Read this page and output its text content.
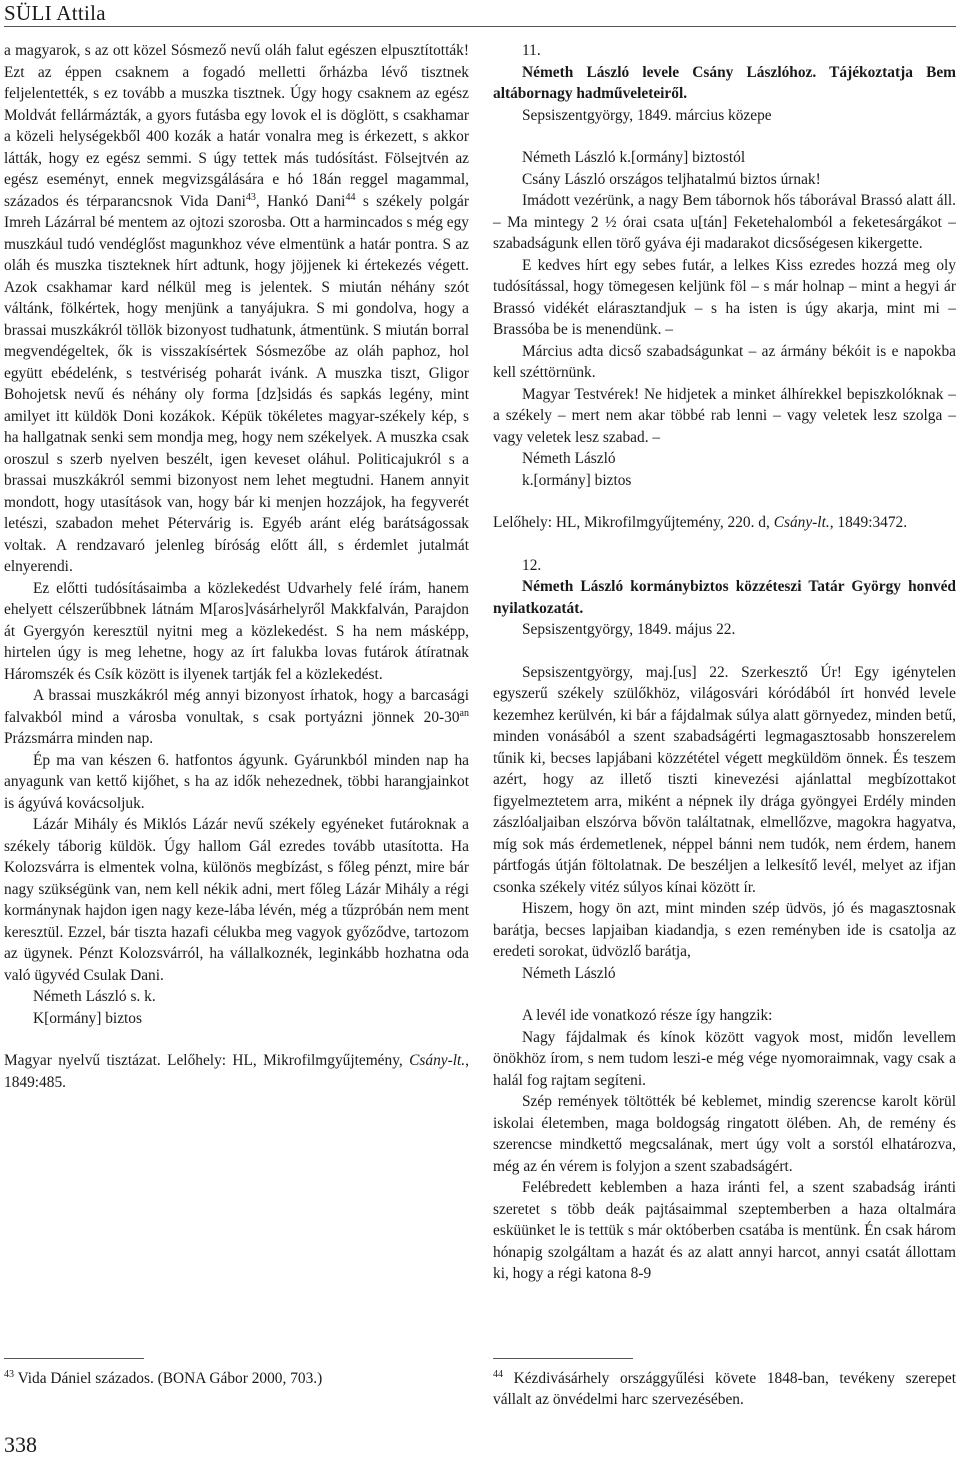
SÜLI Attila

a magyarok, s az ott közel Sósmező nevű oláh falut egészen elpusztították! Ezt az éppen csaknem a fogadó melletti őrházba lévő tisztnek feljelentették, s ez tovább a muszka tisztnek. Úgy hogy csaknem az egész Moldvát fellármázták, a gyors futásba egy lovok el is döglött, s csakhamar a közeli helységekből 400 kozák a határ vonalra meg is érkezett, s akkor látták, hogy ez egész semmi. S úgy tettek más tudósítást. Fölsejtvén az egész eseményt, ennek megvizsgálására e hó 18án reggel magammal, százados és térparancsnok Vida Dani$^{43}$, Hankó Dani$^{44}$ s székely polgár Imreh Lázárral bé mentem az ojtozi szorosba. Ott a harmincados s még egy muszkául tudó vendéglőst magunkhoz véve elmentünk a határ pontra. S az oláh és muszka tiszteknek hírt adtunk, hogy jöjjenek ki értekezés végett. Azok csakhamar kard nélkül meg is jelentek. S miután néhány szót váltánk, fölkértek, hogy menjünk a tanyájukra. S mi gondolva, hogy a brassai muszkákról töllök bizonyost tudhatunk, átmentünk. S miután borral megvendégeltek, ők is visszakísértek Sósmezőbe az oláh paphoz, hol együtt ebédelénk, s testvériség poharát ivánk. A muszka tiszt, Gligor Bohojetsk nevű és néhány oly forma [dz]sidás és sapkás legény, mint amilyet itt küldök Doni kozákok. Képük tökéletes magyar-székely kép, s ha hallgatnak senki sem mondja meg, hogy nem székelyek. A muszka csak oroszul s szerb nyelven beszélt, igen keveset oláhul. Politicajukról s a brassai muszkákról semmi bizonyost nem lehet megtudni. Hanem annyit mondott, hogy utasítások van, hogy bár ki menjen hozzájok, ha fegyverét letészi, szabadon mehet Pétervárig is. Egyéb aránt elég barátságossak voltak. A rendzavaró jelenleg bíróság előtt áll, s érdemlet jutalmát elnyerendi.

Ez előtti tudósításaimba a közlekedést Udvarhely felé írám, hanem ehelyett célszerűbbnek látnám M[aros]vásárhelyről Makkfalván, Parajdon át Gyergyón keresztül nyitni meg a közlekedést. S ha nem másképp, hirtelen úgy is meg lehetne, hogy az írt falukba lovas futárok átíratnak Háromszék és Csík között is ilyenek tartják fel a közlekedést.

A brassai muszkákról még annyi bizonyost írhatok, hogy a barcasági falvakból mind a városba vonultak, s csak portyázni jönnek $20-30^{an}$ Prázsmárra minden nap.

Ép ma van készen 6. hatfontos ágyunk. Gyárunkból minden nap ha anyagunk van kettő kijőhet, s ha az idők nehezednek, többi harangjainkot is ágyúvá kovácsoljuk.

Lázár Mihály és Miklós Lázár nevű székely egyéneket futároknak a székely táborig küldök. Úgy hallom Gál ezredes tovább utasította. Ha Kolozsvárra is elmentek volna, különös megbízást, s főleg pénzt, mire bár nagy szükségünk van, nem kell nékik adni, mert főleg Lázár Mihály a régi kormánynak hajdon igen nagy keze-lába lévén, még a tűzpróbán nem ment keresztül. Ezzel, bár tiszta hazafi célukba meg vagyok győződve, tartozom az ügynek. Pénzt Kolozsvárról, ha vállalkoznék, leginkább hozhatna oda való ügyvéd Csulak Dani.

Németh László s. k.

K[ormány] biztos

Magyar nyelvű tisztázat. Lelőhely: HL, Mikrofilmgyűjtemény, Csány-lt., 1849:485.

11.

Németh László levele Csány Lászlóhoz. Tájékoztatja Bem altábornagy hadműveleteiről.

Sepsiszentgyörgy, 1849. március közepe

Németh László k.[ormány] biztostól

Csány László országos teljhatalmú biztos úrnak!

Imádott vezérünk, a nagy Bem tábornok hős táborával Brassó alatt áll. – Ma mintegy 2 ½ órai csata u[tán] Feketehalomból a feketesárgákot – szabadságunk ellen törő gyáva éji madarakot dicsőségesen kikergette.

E kedves hírt egy sebes futár, a lelkes Kiss ezredes hozzá meg oly tudósítással, hogy tömegesen keljünk föl – s már holnap – mint a hegyi ár Brassó vidékét elárasztandjuk – s ha isten is úgy akarja, mint mi – Brassóba be is menendünk. –

Március adta dicső szabadságunkat – az ármány békóit is e napokba kell széttörnünk.

Magyar Testvérek! Ne hidjetek a minket álhírekkel bepiszkolóknak – a székely – mert nem akar többé rab lenni – vagy veletek lesz szolga – vagy veletek lesz szabad. –

Németh László

k.[ormány] biztos

Lelőhely: HL, Mikrofilmgyűjtemény, 220. d, Csány-lt., 1849:3472.

12.

Németh László kormánybiztos közzéteszi Tatár György honvéd nyilatkozatát.

Sepsiszentgyörgy, 1849. május 22.

Sepsiszentgyörgy, maj.[us] 22. Szerkesztő Úr! Egy igénytelen egyszerű székely szülőkhöz, világosvári kóródából írt honvéd levele kezemhez kerülvén, ki bár a fájdalmak súlya alatt görnyedez, minden betű, minden vonásából a szent szabadságérti legmagasztosabb honszerelem tűnik ki, becses lapjábani közzététel végett megküldöm önnek. És teszem azért, hogy az illető tiszti kinevezési ajánlattal megbízottakot figyelmeztetem arra, miként a népnek ily drága gyöngyei Erdély minden zászlóaljaiban elszórva bővön találtatnak, elmellőzve, magokra hagyatva, míg sok más érdemetlenek, néppel bánni nem tudók, nem érdem, hanem pártfogás útján föltolatnak. De beszéljen a lelkesítő levél, melyet az ifjan csonka székely vitéz súlyos kínai között ír.

Hiszem, hogy ön azt, mint minden szép üdvös, jó és magasztosnak barátja, becses lapjaiban kiadandja, s ezen reményben ide is csatolja az eredeti sorokat, üdvözlő barátja,

Németh László

A levél ide vonatkozó része így hangzik:

Nagy fájdalmak és kínok között vagyok most, midőn levellem önökhöz írom, s nem tudom leszi-e még vége nyomoraimnak, vagy csak a halál fog rajtam segíteni.

Szép remények töltötték bé keblemet, mindig szerencse karolt körül iskolai életemben, maga boldogság ringatott ölében. Ah, de remény és szerencse mindkettő megcsalának, mert úgy volt a sorstól elhatározva, még az én vérem is folyjon a szent szabadságért.

Felébredett keblemben a haza iránti fel, a szent szabadság iránti szeretet s több deák pajtásaimmal szeptemberben a haza oltalmára esküünket le is tettük s már októberben csatába is mentünk. Én csak három hónapig szolgáltam a hazát és az alatt annyi harcot, annyi csatát állottam ki, hogy a régi katona 8-9

$^{43}$ Vida Dániel százados. (BONA Gábor 2000, 703.)	$^{44}$ Kézdivásárhely országgyűlési követe 1848-ban, tevékeny szerepet vállalt az önvédelmi harc szervezésében.
338
